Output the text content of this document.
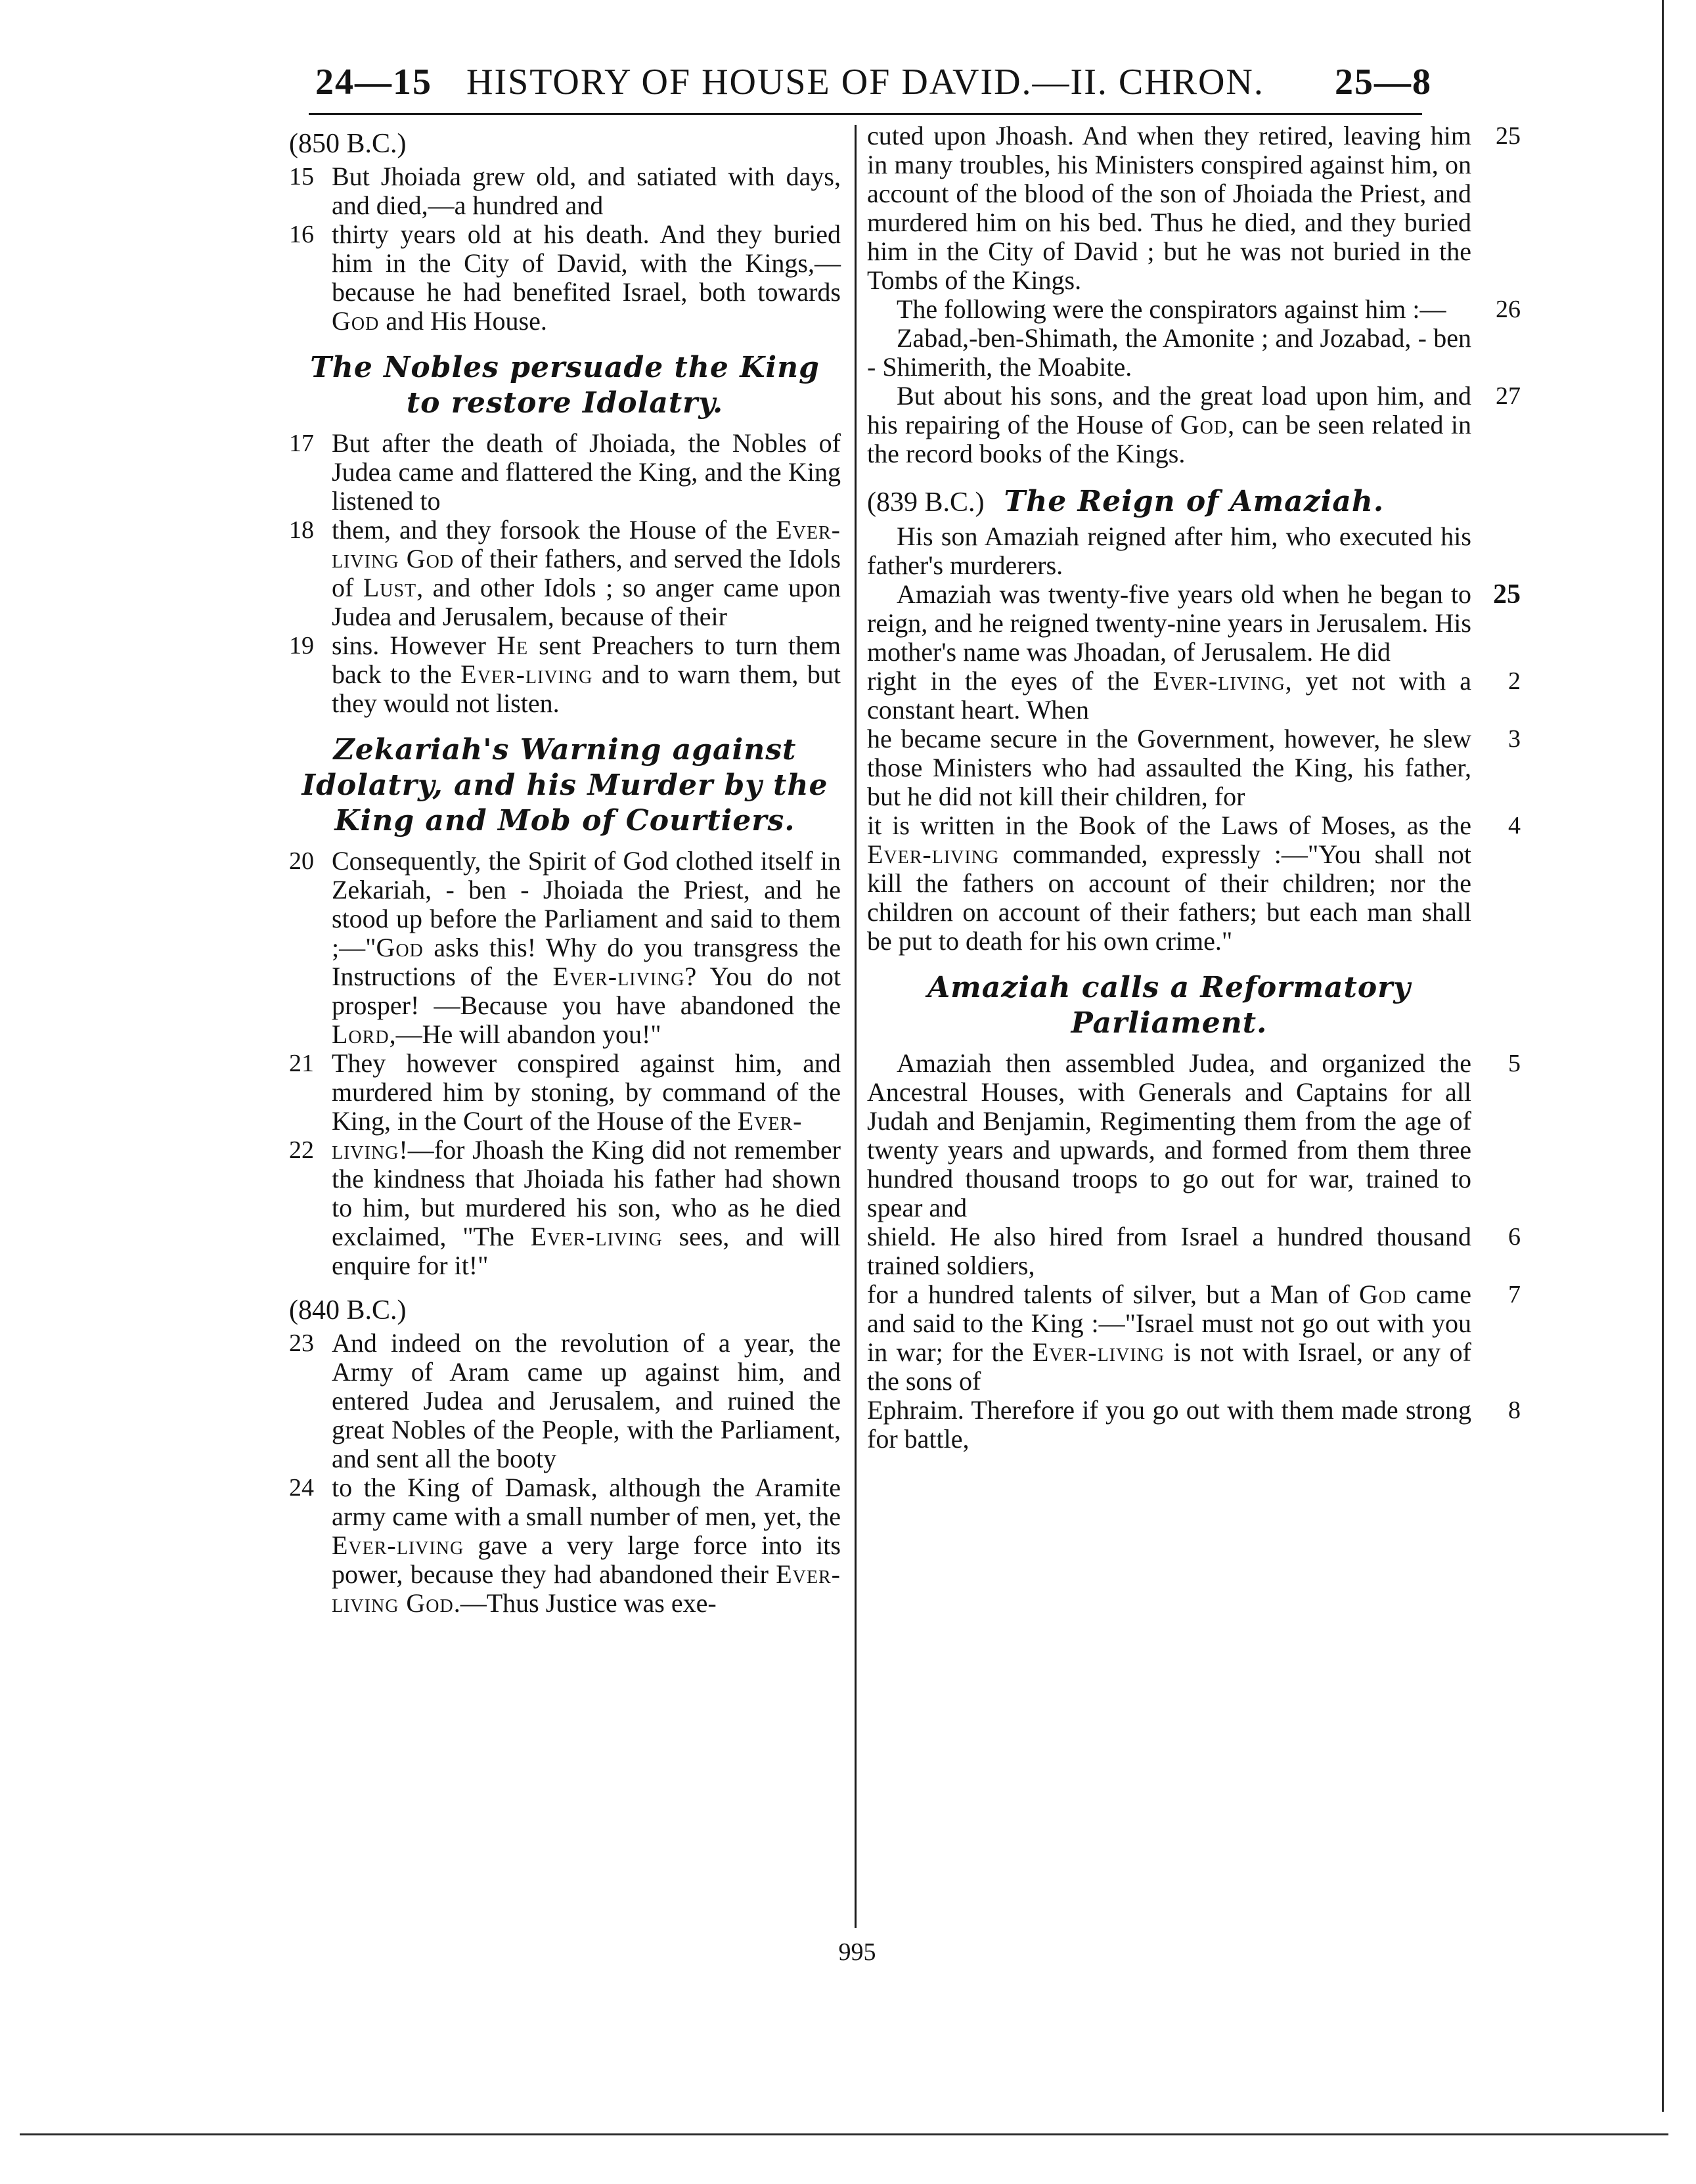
24—15 HISTORY OF HOUSE OF DAVID.—II. CHRON. 25—8
(850 B.C.)
15 But Jhoiada grew old, and satiated with days, and died,—a hundred and

16 thirty years old at his death. And they buried him in the City of David, with the Kings,—because he had benefited Israel, both towards God and His House.

The Nobles persuade the King to restore Idolatry.
17 But after the death of Jhoiada, the Nobles of Judea came and flattered the King, and the King listened to

18 them, and they forsook the House of the Ever-living God of their fathers, and served the Idols of Lust, and other Idols ; so anger came upon Judea and Jerusalem, because of their

19 sins. However He sent Preachers to turn them back to the Ever-living and to warn them, but they would not listen.

Zekariah's Warning against Idolatry, and his Murder by the King and Mob of Courtiers.
20 Consequently, the Spirit of God clothed itself in Zekariah, - ben - Jhoiada the Priest, and he stood up before the Parliament and said to them ;—"God asks this! Why do you transgress the Instructions of the Ever-living? You do not prosper! —Because you have abandoned the Lord,—He will abandon you!"

21 They however conspired against him, and murdered him by stoning, by command of the King, in the Court of the House of the Ever-

22 living!—for Jhoash the King did not remember the kindness that Jhoiada his father had shown to him, but murdered his son, who as he died exclaimed, "The Ever-living sees, and will enquire for it!"

(840 B.C.)
23 And indeed on the revolution of a year, the Army of Aram came up against him, and entered Judea and Jerusalem, and ruined the great Nobles of the People, with the Parliament, and sent all the booty

24 to the King of Damask, although the Aramite army came with a small number of men, yet, the Ever-living gave a very large force into its power, because they had abandoned their Ever-living God.—Thus Justice was exe-

25

cuted upon Jhoash. And when they retired, leaving him in many troubles, his Ministers conspired against him, on account of the blood of the son of Jhoiada the Priest, and murdered him on his bed. Thus he died, and they buried him in the City of David ; but he was not buried in the Tombs of the Kings.

26

The following were the conspirators against him :—

Zabad,-ben-Shimath, the Amonite ; and Jozabad, - ben - Shimerith, the Moabite.

27

But about his sons, and the great load upon him, and his repairing of the House of God, can be seen related in the record books of the Kings.

(839 B.C.) The Reign of Amaziah.

His son Amaziah reigned after him, who executed his father's murderers.

25

Amaziah was twenty-five years old when he began to reign, and he reigned twenty-nine years in Jerusalem. His mother's name was Jhoadan, of Jerusalem. He did

2

right in the eyes of the Ever-living, yet not with a constant heart. When

3

he became secure in the Government, however, he slew those Ministers who had assaulted the King, his father, but he did not kill their children, for

4

it is written in the Book of the Laws of Moses, as the Ever-living commanded, expressly :—"You shall not kill the fathers on account of their children; nor the children on account of their fathers; but each man shall be put to death for his own crime."

Amaziah calls a Reformatory Parliament.
5

Amaziah then assembled Judea, and organized the Ancestral Houses, with Generals and Captains for all Judah and Benjamin, Regimenting them from the age of twenty years and upwards, and formed from them three hundred thousand troops to go out for war, trained to spear and

6

shield. He also hired from Israel a hundred thousand trained soldiers,

7

for a hundred talents of silver, but a Man of God came and said to the King :—"Israel must not go out with you in war; for the Ever-living is not with Israel, or any of the sons of

8

Ephraim. Therefore if you go out with them made strong for battle,

995
